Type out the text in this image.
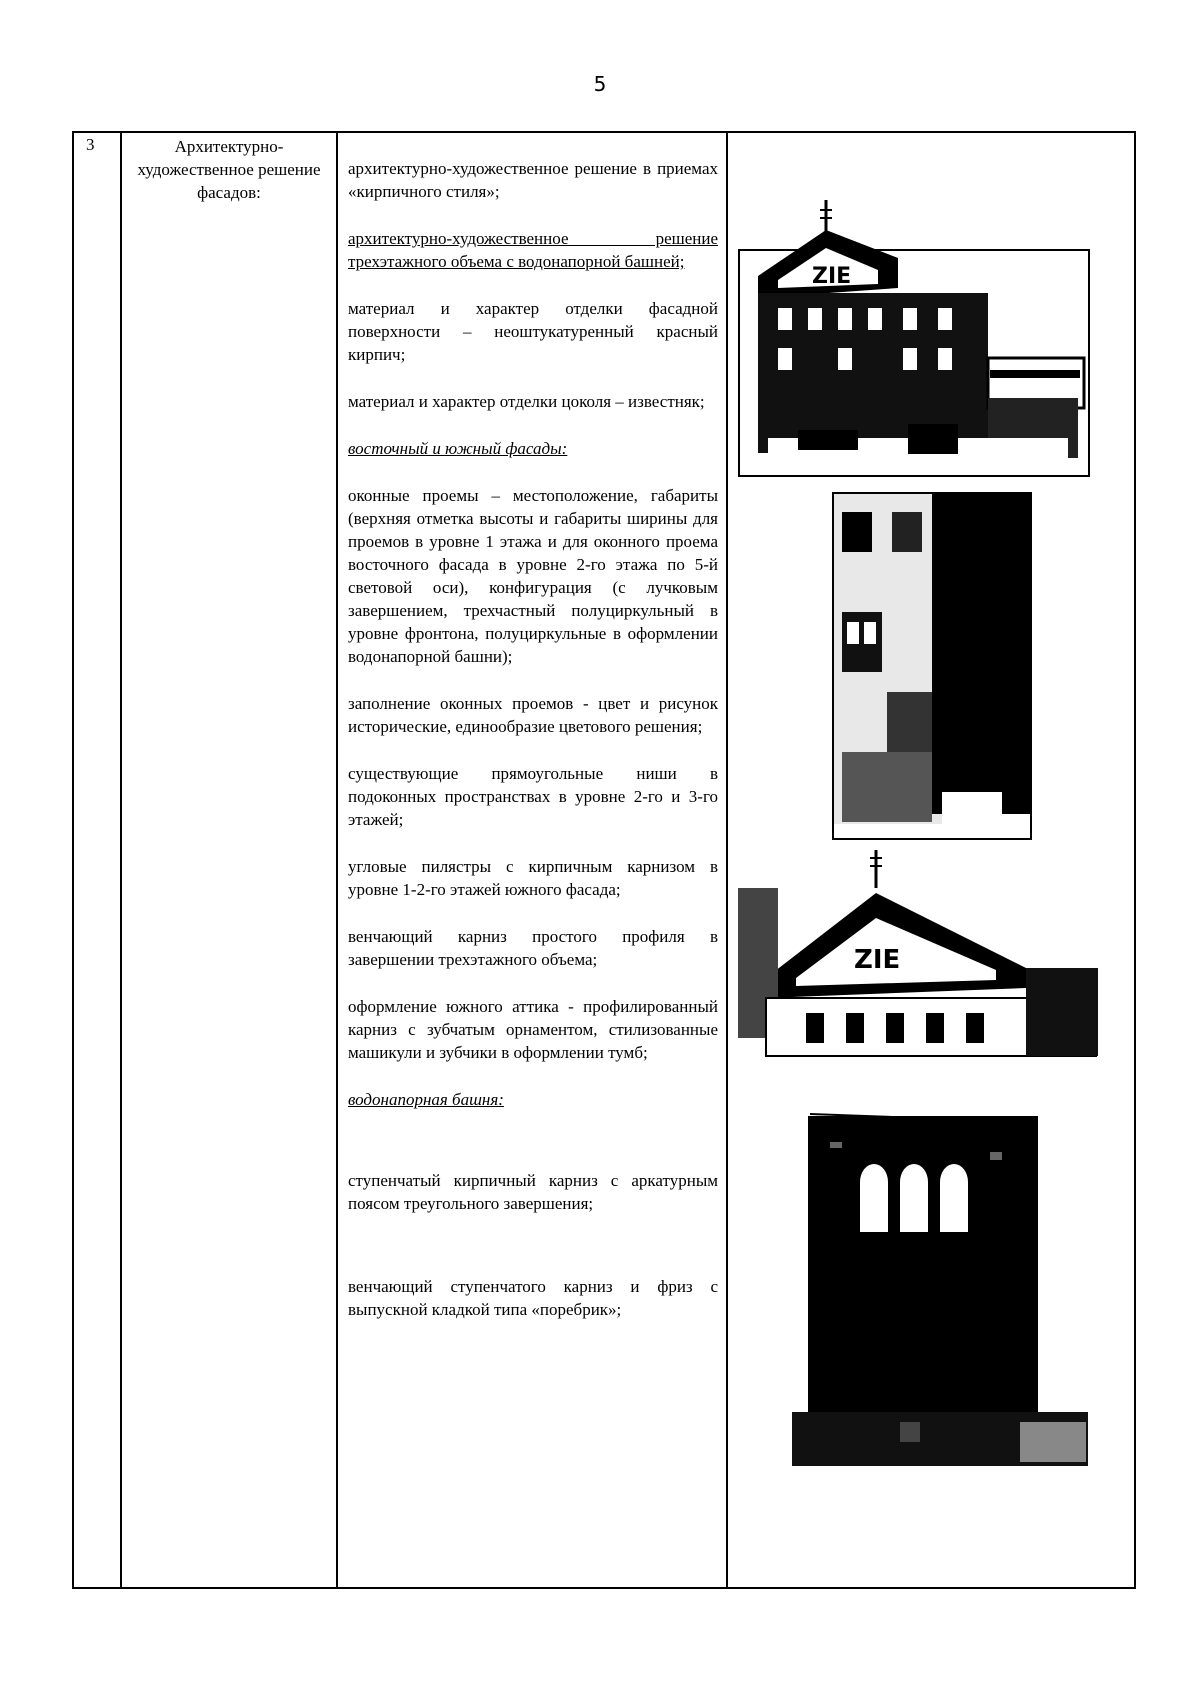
5
3	Архитектурно-художественное решение фасадов:

архитектурно-художественное решение в приемах «кирпичного стиля»;

архитектурно-художественное решение трехэтажного объема с водонапорной башней;

материал и характер отделки фасадной поверхности – неоштукатуренный красный кирпич;

материал и характер отделки цоколя – известняк;

восточный и южный фасады:

оконные проемы – местоположение, габариты (верхняя отметка высоты и габариты ширины для проемов в уровне 1 этажа и для оконного проема восточного фасада в уровне 2-го этажа по 5-й световой оси), конфигурация (с лучковым завершением, трехчастный полуциркульный в уровне фронтона, полуциркульные в оформлении водонапорной башни);

заполнение оконных проемов - цвет и рисунок исторические, единообразие цветового решения;

существующие прямоугольные ниши в подоконных пространствах в уровне 2-го и 3-го этажей;

угловые пилястры с кирпичным карнизом в уровне 1-2-го этажей южного фасада;

венчающий карниз простого профиля в завершении трехэтажного объема;

оформление южного аттика - профилированный карниз с зубчатым орнаментом, стилизованные машикули и зубчики в оформлении тумб;

водонапорная башня:

ступенчатый кирпичный карниз с аркатурным поясом треугольного завершения;

венчающий ступенчатого карниз и фриз с выпускной кладкой типа «поребрик»;

ZIE
ZIE
